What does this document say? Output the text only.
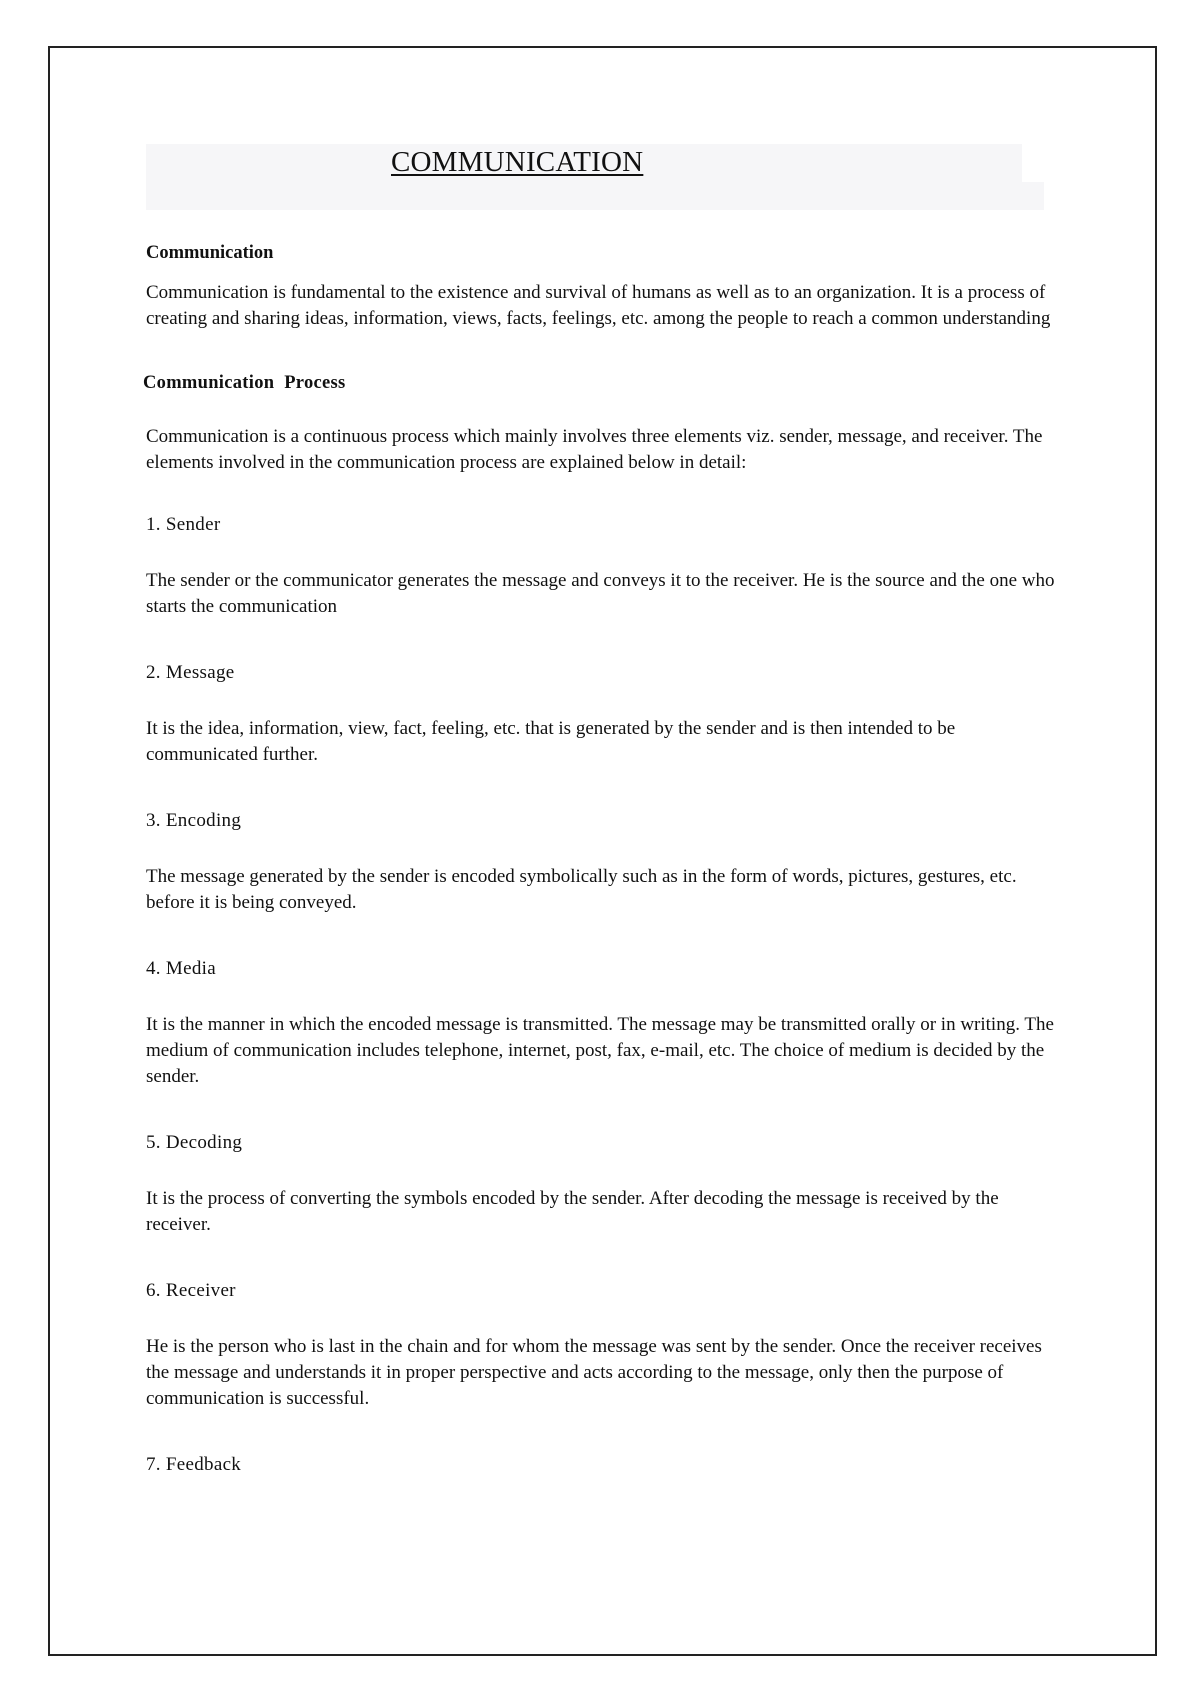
COMMUNICATION

Communication

Communication is fundamental to the existence and survival of humans as well as to an organization. It is a process of creating and sharing ideas, information, views, facts, feelings, etc. among the people to reach a common understanding

Communication  Process

Communication is a continuous process which mainly involves three elements viz. sender, message, and receiver. The elements involved in the communication process are explained below in detail:

1. Sender

The sender or the communicator generates the message and conveys it to the receiver. He is the source and the one who starts the communication

2. Message

It is the idea, information, view, fact, feeling, etc. that is generated by the sender and is then intended to be communicated further.

3. Encoding

The message generated by the sender is encoded symbolically such as in the form of words, pictures, gestures, etc. before it is being conveyed.

4. Media

It is the manner in which the encoded message is transmitted. The message may be transmitted orally or in writing. The medium of communication includes telephone, internet, post, fax, e-mail, etc. The choice of medium is decided by the sender.

5. Decoding

It is the process of converting the symbols encoded by the sender. After decoding the message is received by the receiver.

6. Receiver

He is the person who is last in the chain and for whom the message was sent by the sender. Once the receiver receives the message and understands it in proper perspective and acts according to the message, only then the purpose of communication is successful.

7. Feedback
